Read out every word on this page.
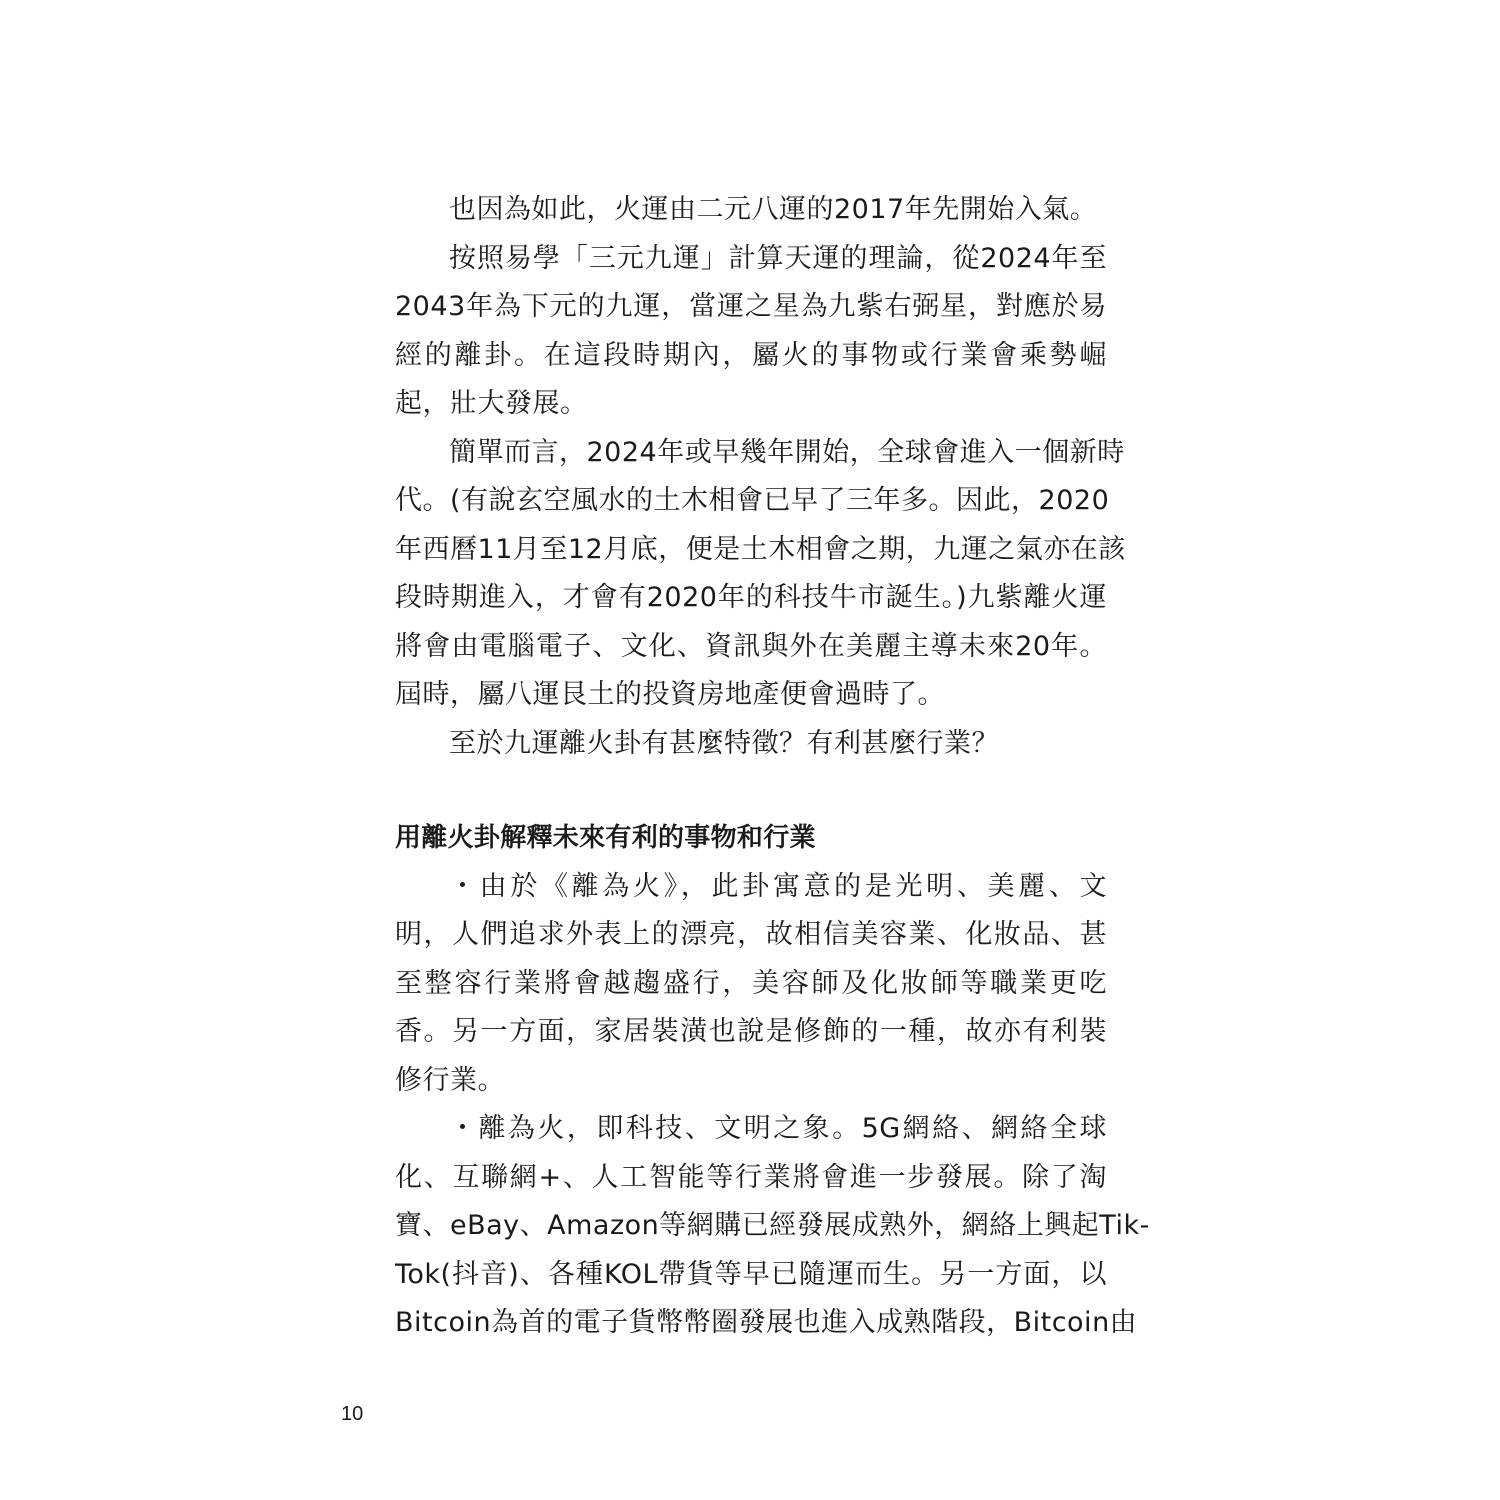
也因為如此，火運由二元八運的2017年先開始入氣。
按照易學「三元九運」計算天運的理論，從2024年至
2043年為下元的九運，當運之星為九紫右弼星，對應於易
經的離卦。在這段時期內，屬火的事物或行業會乘勢崛
起，壯大發展。
簡單而言，2024年或早幾年開始，全球會進入一個新時
代。(有說玄空風水的土木相會已早了三年多。因此，2020
年西曆11月至12月底，便是土木相會之期，九運之氣亦在該
段時期進入，才會有2020年的科技牛市誕生。)九紫離火運
將會由電腦電子、文化、資訊與外在美麗主導未來20年。
屆時，屬八運艮土的投資房地產便會過時了。
至於九運離火卦有甚麼特徵？有利甚麼行業？
用離火卦解釋未來有利的事物和行業
・由於《離為火》，此卦寓意的是光明、美麗、文
明，人們追求外表上的漂亮，故相信美容業、化妝品、甚
至整容行業將會越趨盛行，美容師及化妝師等職業更吃
香。另一方面，家居裝潢也說是修飾的一種，故亦有利裝
修行業。
・離為火，即科技、文明之象。5G網絡、網絡全球
化、互聯網+、人工智能等行業將會進一步發展。除了淘
寶、eBay、Amazon等網購已經發展成熟外，網絡上興起Tik-
Tok(抖音)、各種KOL帶貨等早已隨運而生。另一方面，以
Bitcoin為首的電子貨幣幣圈發展也進入成熟階段，Bitcoin由
10
